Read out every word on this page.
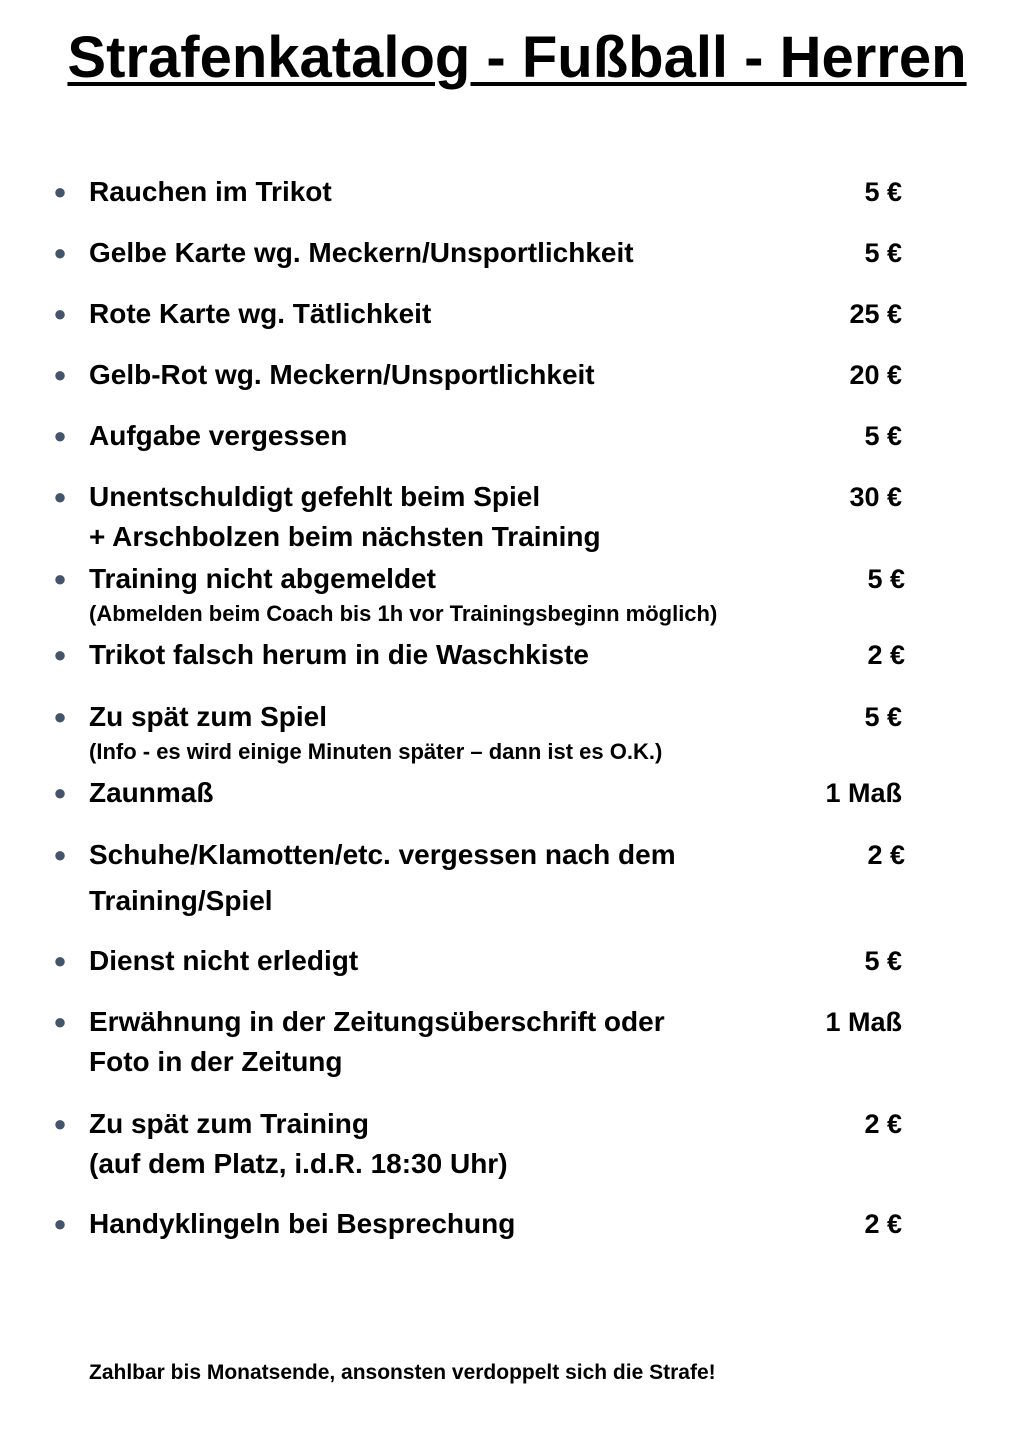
Strafenkatalog - Fußball - Herren
● Rauchen im Trikot	5 €
● Gelbe Karte wg. Meckern/Unsportlichkeit	5 €
● Rote Karte wg. Tätlichkeit	25 €
● Gelb-Rot wg. Meckern/Unsportlichkeit	20 €
● Aufgabe vergessen	5 €
● Unentschuldigt gefehlt beim Spiel
+ Arschbolzen beim nächsten Training
30 €
● Training nicht abgemeldet
(Abmelden beim Coach bis 1h vor Trainingsbeginn möglich)
5 €
● Trikot falsch herum in die Waschkiste	2 €
● Zu spät zum Spiel
(Info - es wird einige Minuten später – dann ist es O.K.)
5 €
● Zaunmaß	1 Maß
● Schuhe/Klamotten/etc. vergessen nach dem
Training/Spiel
2 €
● Dienst nicht erledigt	5 €
● Erwähnung in der Zeitungsüberschrift oder
Foto in der Zeitung
1 Maß
● Zu spät zum Training
(auf dem Platz, i.d.R. 18:30 Uhr)
2 €
● Handyklingeln bei Besprechung	2 €
Zahlbar bis Monatsende, ansonsten verdoppelt sich die Strafe!
